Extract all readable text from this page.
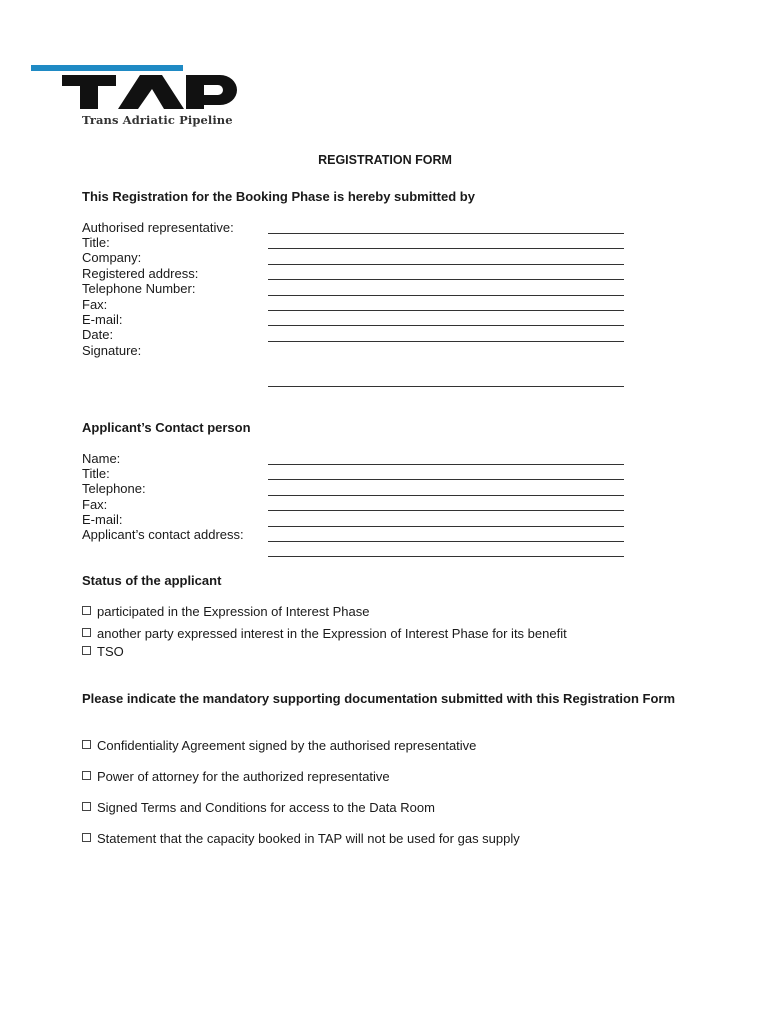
Trans Adriatic Pipeline
REGISTRATION FORM
This Registration for the Booking Phase is hereby submitted by
Authorised representative:
Title:
Company:
Registered address:
Telephone Number:
Fax:
E-mail:
Date:
Signature:
Applicant’s Contact person
Name:
Title:
Telephone:
Fax:
E-mail:
Applicant’s contact address:
Status of the applicant
participated in the Expression of Interest Phase
another party expressed interest in the Expression of Interest Phase for its benefit
TSO
Please indicate the mandatory supporting documentation submitted with this Registration Form
Confidentiality Agreement signed by the authorised representative
Power of attorney for the authorized representative
Signed Terms and Conditions for access to the Data Room
Statement that the capacity booked in TAP will not be used for gas supply
